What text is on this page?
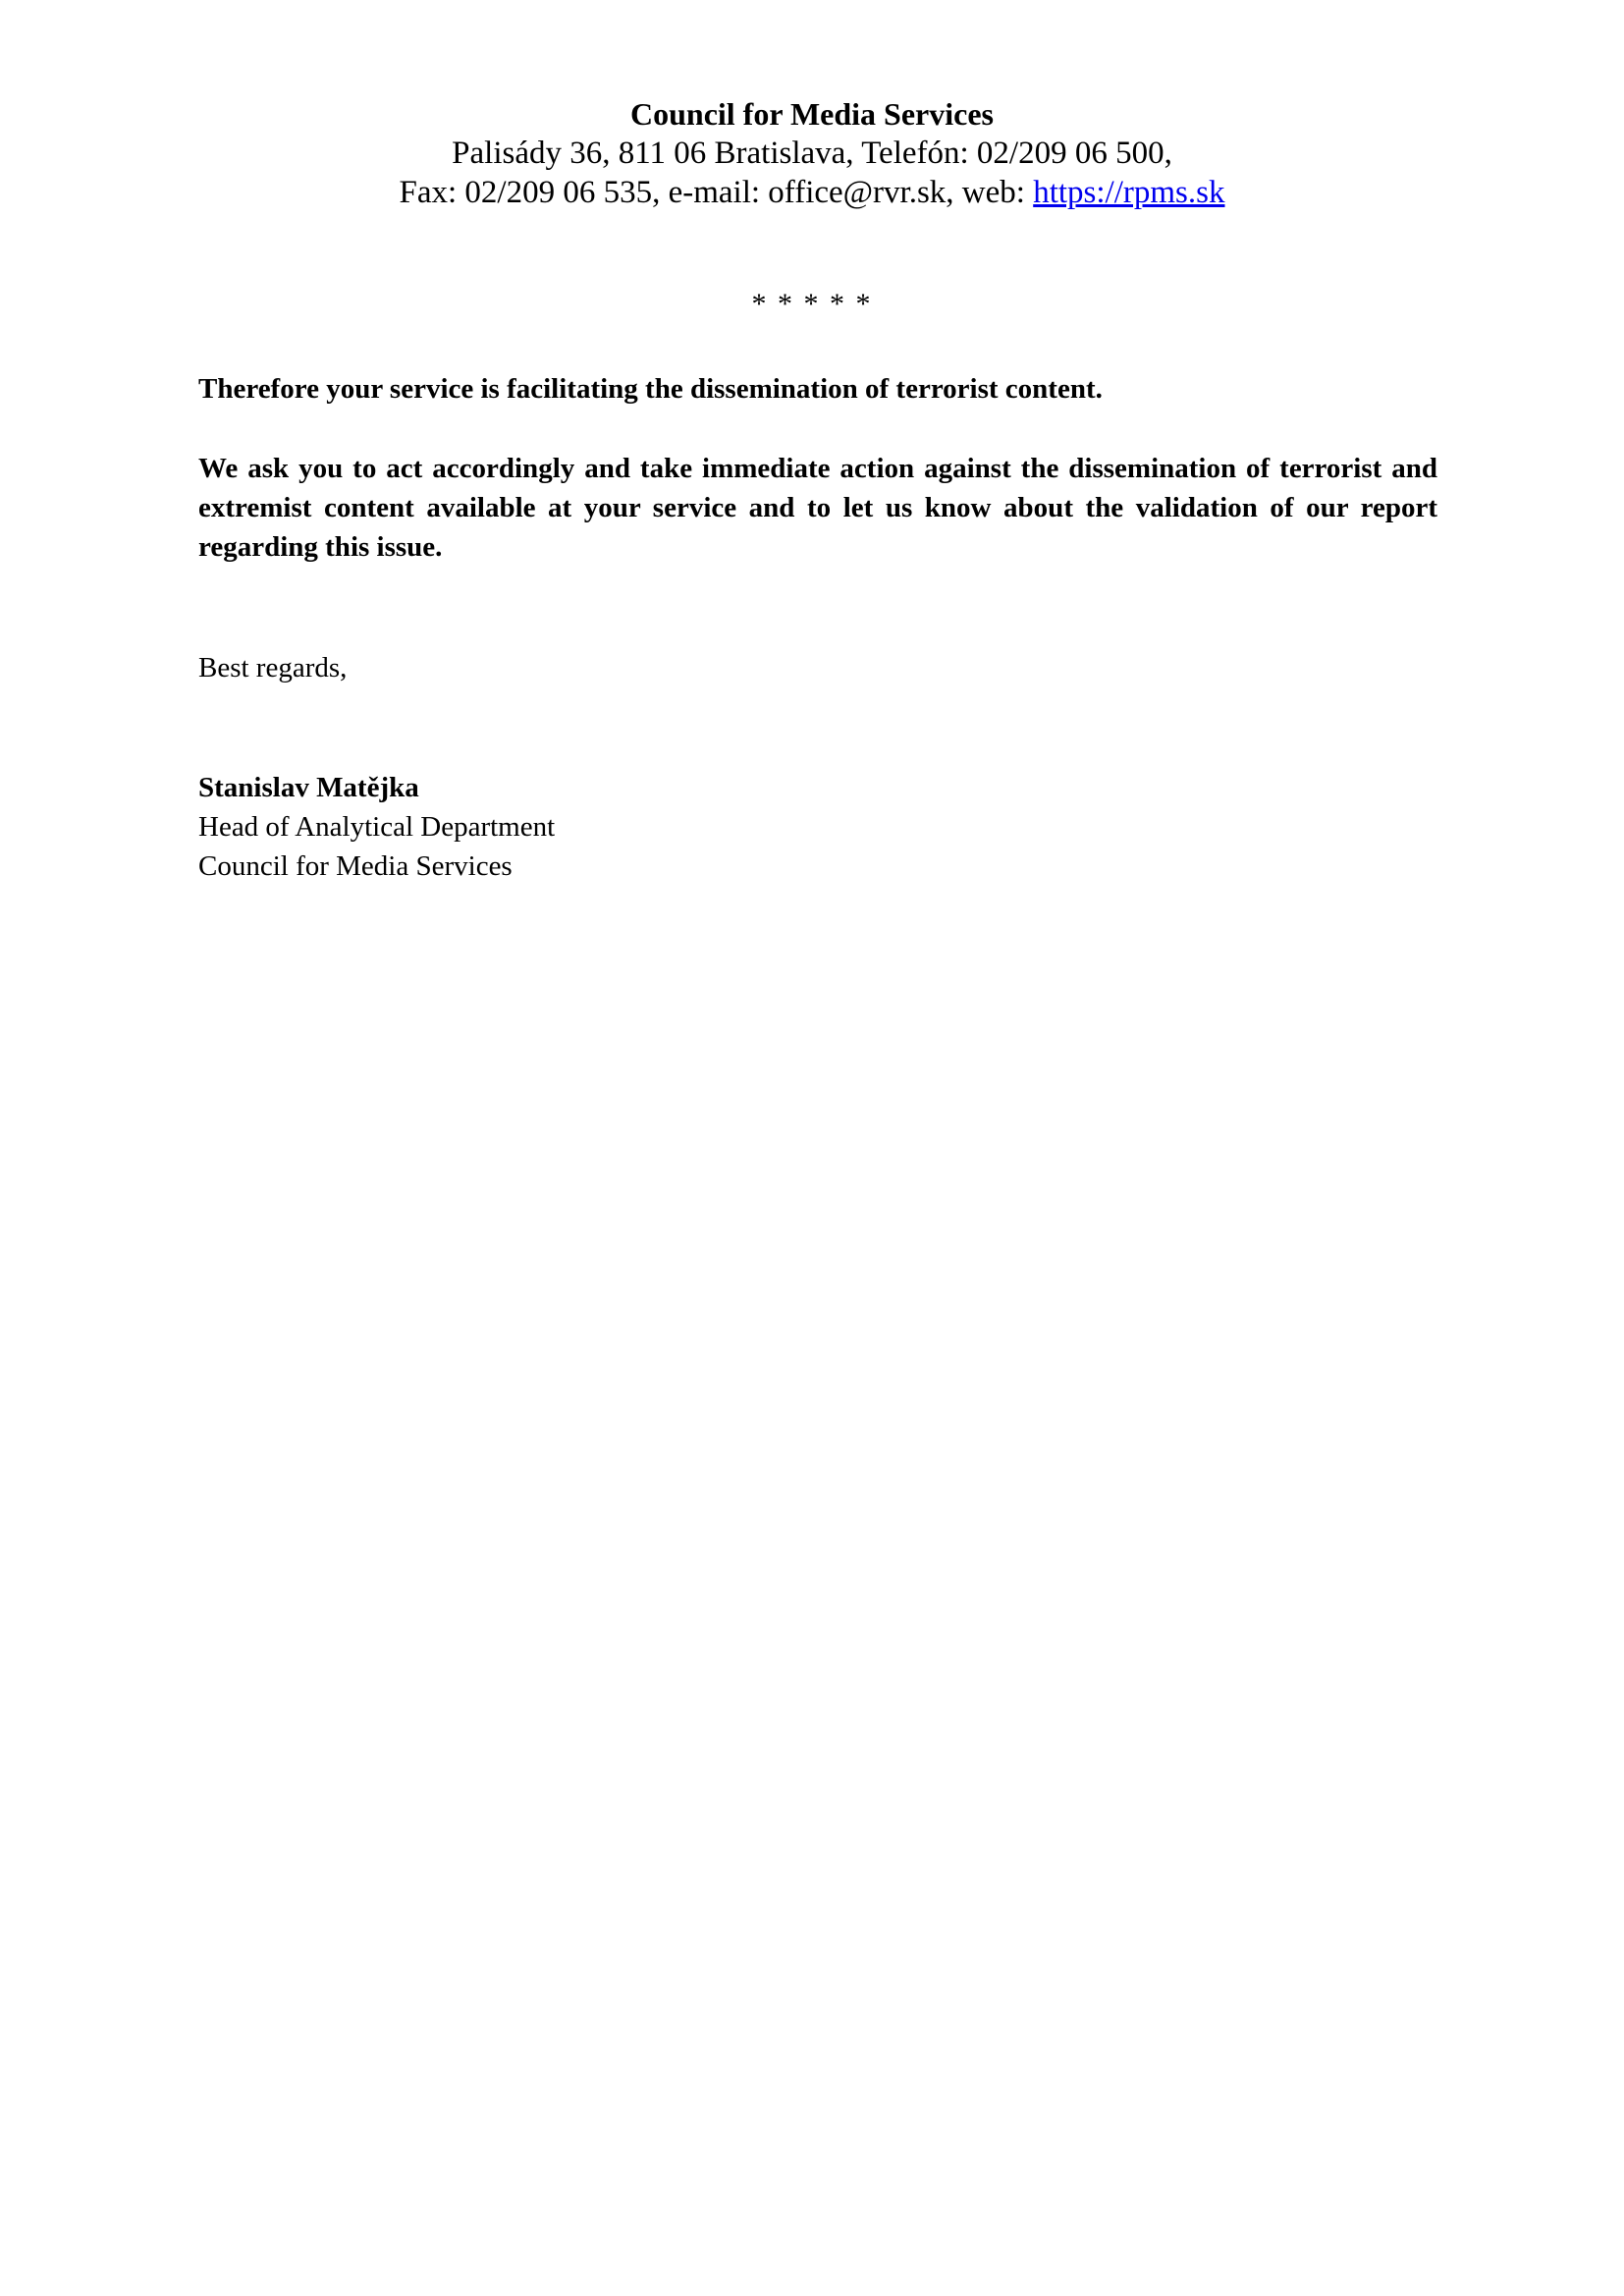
Council for Media Services
Palisády 36, 811 06 Bratislava, Telefón: 02/209 06 500,
Fax: 02/209 06 535, e-mail: office@rvr.sk, web: https://rpms.sk
* * * * *
Therefore your service is facilitating the dissemination of terrorist content.
We ask you to act accordingly and take immediate action against the dissemination of terrorist and extremist content available at your service and to let us know about the validation of our report regarding this issue.
Best regards,
Stanislav Matějka
Head of Analytical Department
Council for Media Services
